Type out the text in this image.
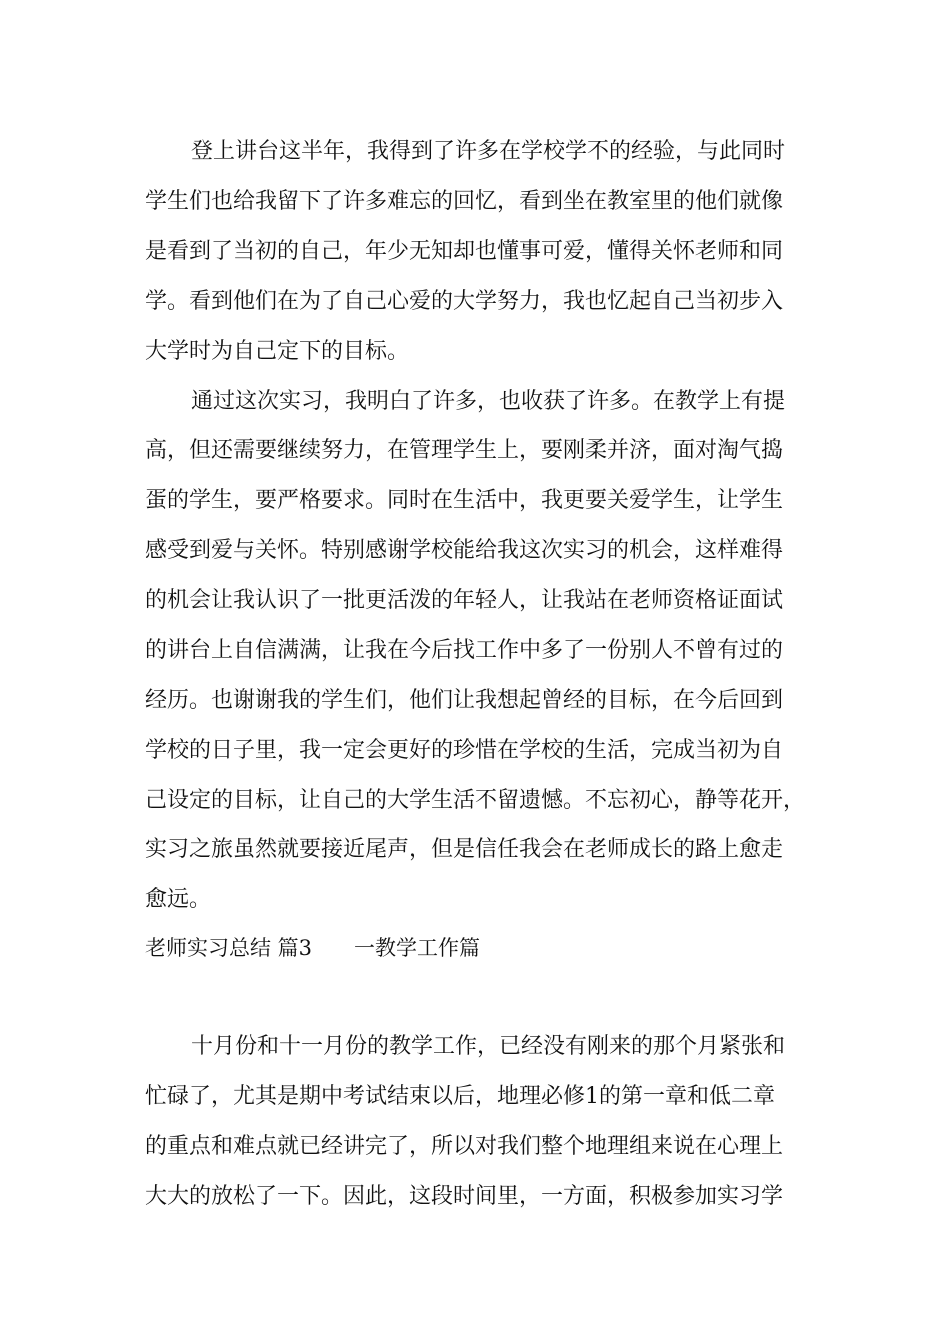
登上讲台这半年，我得到了许多在学校学不的经验，与此同时
学生们也给我留下了许多难忘的回忆，看到坐在教室里的他们就像
是看到了当初的自己，年少无知却也懂事可爱，懂得关怀老师和同
学。看到他们在为了自己心爱的大学努力，我也忆起自己当初步入
大学时为自己定下的目标。
通过这次实习，我明白了许多，也收获了许多。在教学上有提
高，但还需要继续努力，在管理学生上，要刚柔并济，面对淘气捣
蛋的学生，要严格要求。同时在生活中，我更要关爱学生，让学生
感受到爱与关怀。特别感谢学校能给我这次实习的机会，这样难得
的机会让我认识了一批更活泼的年轻人，让我站在老师资格证面试
的讲台上自信满满，让我在今后找工作中多了一份别人不曾有过的
经历。也谢谢我的学生们，他们让我想起曾经的目标，在今后回到
学校的日子里，我一定会更好的珍惜在学校的生活，完成当初为自
己设定的目标，让自己的大学生活不留遗憾。不忘初心，静等花开，
实习之旅虽然就要接近尾声，但是信任我会在老师成长的路上愈走
愈远。
老师实习总结 篇3 一教学工作篇
十月份和十一月份的教学工作，已经没有刚来的那个月紧张和
忙碌了，尤其是期中考试结束以后，地理必修1的第一章和低二章
的重点和难点就已经讲完了，所以对我们整个地理组来说在心理上
大大的放松了一下。因此，这段时间里，一方面，积极参加实习学
